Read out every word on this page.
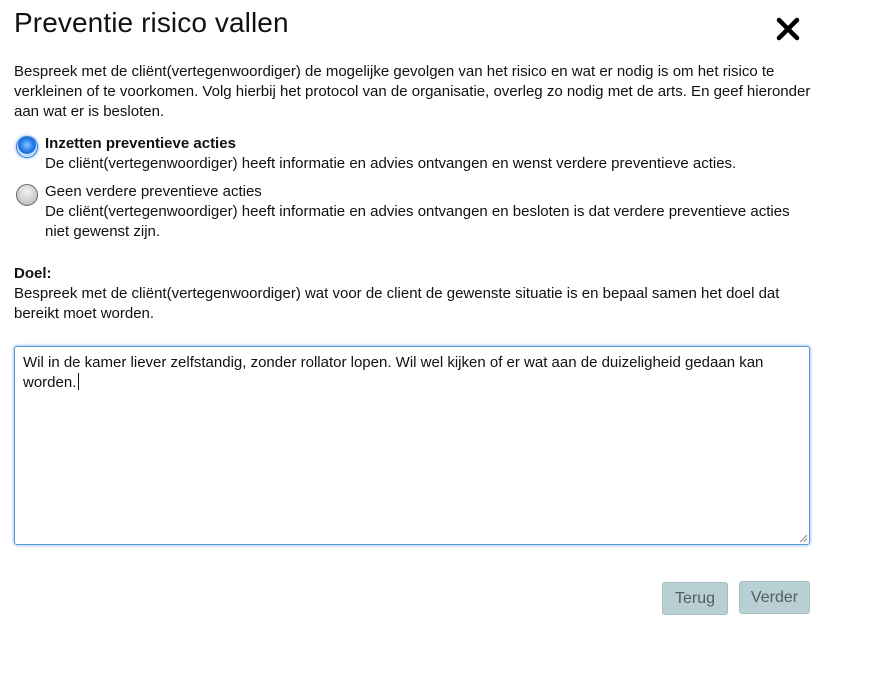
Preventie risico vallen

Bespreek met de cliënt(vertegenwoordiger) de mogelijke gevolgen van het risico en wat er nodig is om het risico te verkleinen of te voorkomen. Volg hierbij het protocol van de organisatie, overleg zo nodig met de arts. En geef hieronder aan wat er is besloten.

Inzetten preventieve acties
De cliënt(vertegenwoordiger) heeft informatie en advies ontvangen en wenst verdere preventieve acties.
Geen verdere preventieve acties
De cliënt(vertegenwoordiger) heeft informatie en advies ontvangen en besloten is dat verdere preventieve acties niet gewenst zijn.
Doel:
Bespreek met de cliënt(vertegenwoordiger) wat voor de client de gewenste situatie is en bepaal samen het doel dat bereikt moet worden.
Wil in de kamer liever zelfstandig, zonder rollator lopen. Wil wel kijken of er wat aan de duizeligheid gedaan kan worden.
Terug	Verder
